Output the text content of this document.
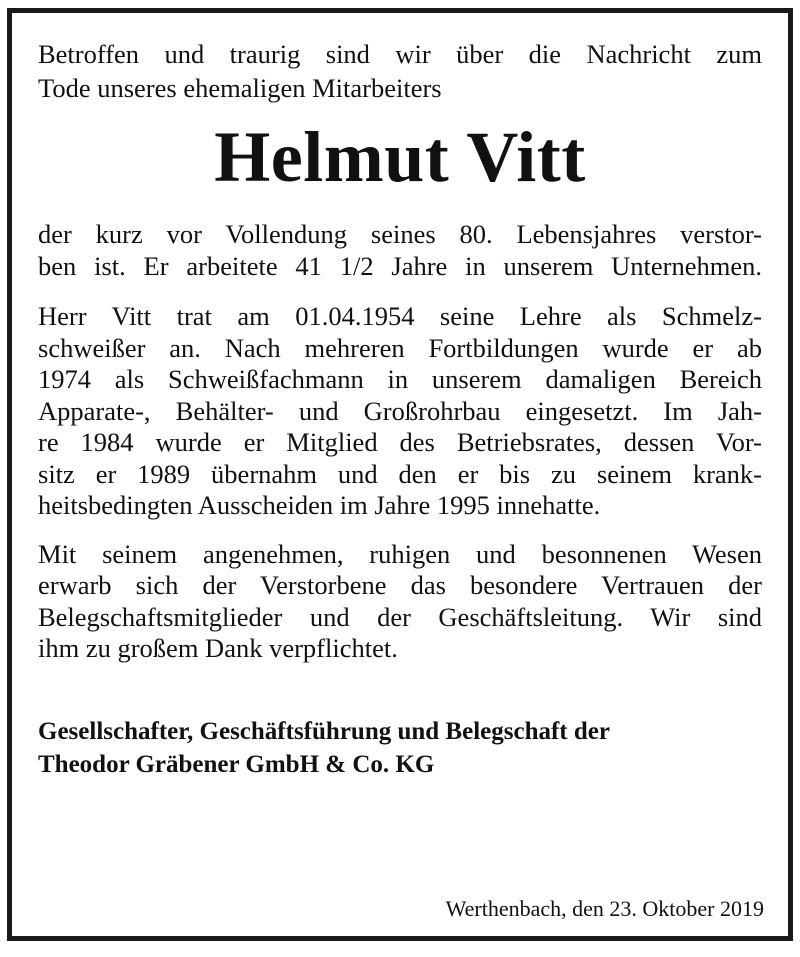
Betroffen und traurig sind wir über die Nachricht zum
Tode unseres ehemaligen Mitarbeiters
Helmut Vitt
der kurz vor Vollendung seines 80. Lebensjahres verstor-
ben ist. Er arbeitete 41 1/2 Jahre in unserem Unternehmen.
Herr Vitt trat am 01.04.1954 seine Lehre als Schmelz-
schweißer an. Nach mehreren Fortbildungen wurde er ab
1974 als Schweißfachmann in unserem damaligen Bereich
Apparate-, Behälter- und Großrohrbau eingesetzt. Im Jah-
re 1984 wurde er Mitglied des Betriebsrates, dessen Vor-
sitz er 1989 übernahm und den er bis zu seinem krank-
heitsbedingten Ausscheiden im Jahre 1995 innehatte.
Mit seinem angenehmen, ruhigen und besonnenen Wesen
erwarb sich der Verstorbene das besondere Vertrauen der
Belegschaftsmitglieder und der Geschäftsleitung. Wir sind
ihm zu großem Dank verpflichtet.
Gesellschafter, Geschäftsführung und Belegschaft der
Theodor Gräbener GmbH & Co. KG
Werthenbach, den 23. Oktober 2019
